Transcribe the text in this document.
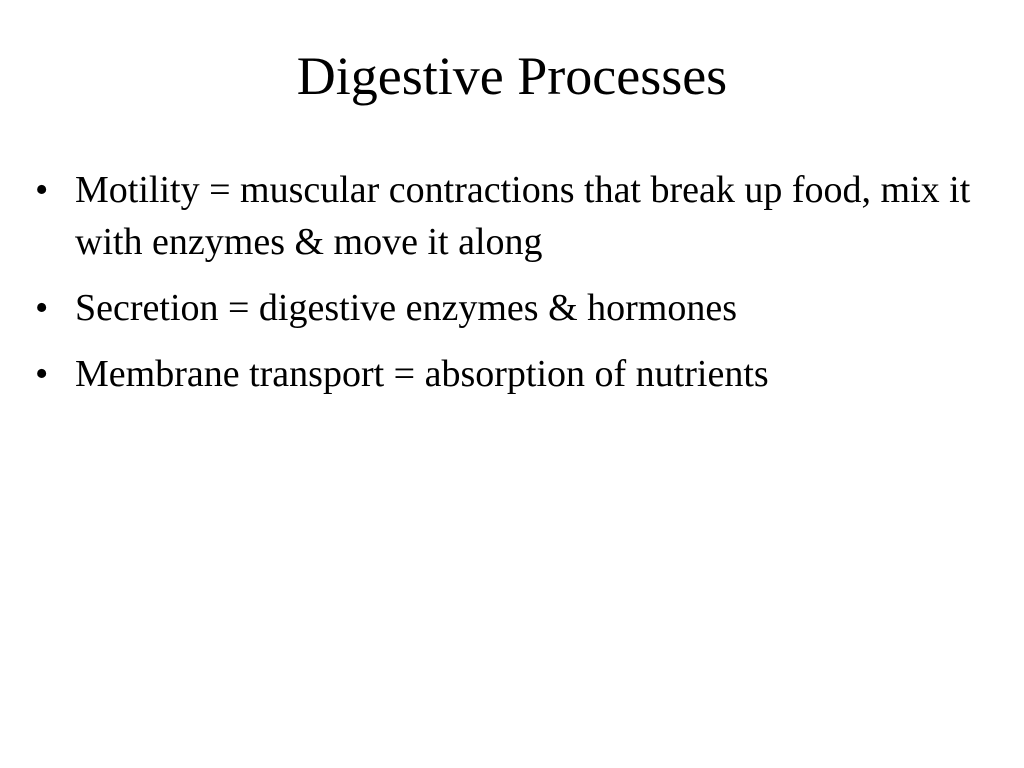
Digestive Processes
• Motility = muscular contractions that break up food, mix it with enzymes & move it along
• Secretion = digestive enzymes & hormones
• Membrane transport = absorption of nutrients
